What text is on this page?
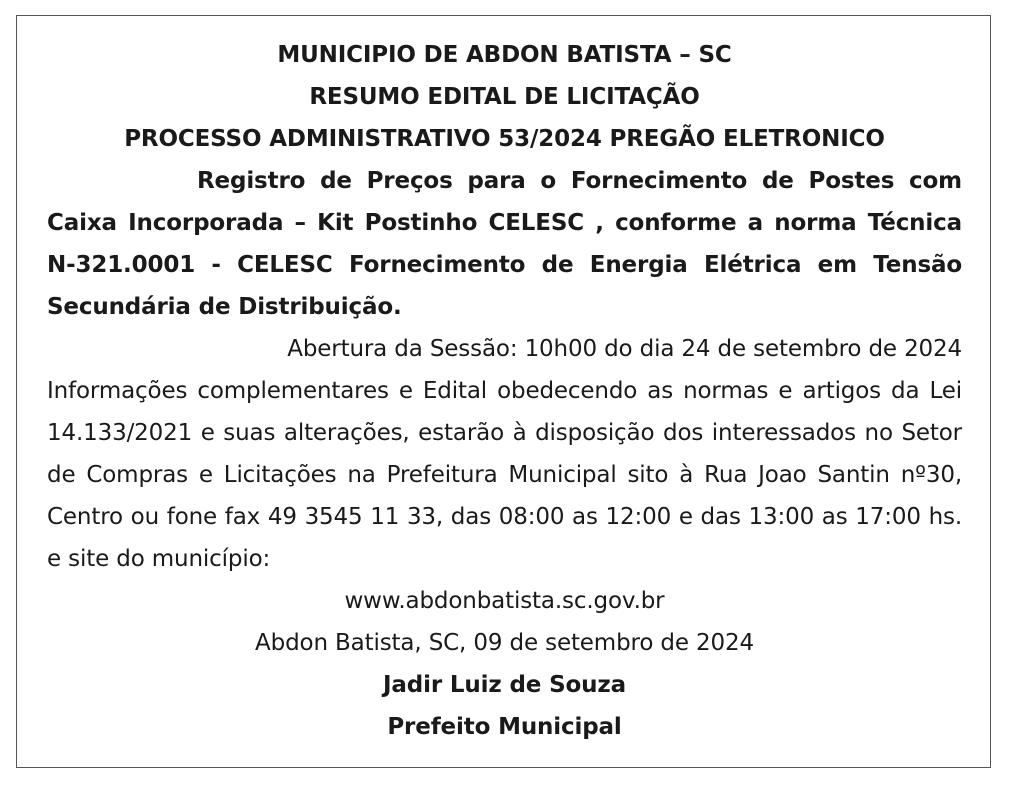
MUNICIPIO DE ABDON BATISTA – SC

RESUMO EDITAL DE LICITAÇÃO

PROCESSO ADMINISTRATIVO 53/2024 PREGÃO ELETRONICO

Registro de Preços para o Fornecimento de Postes com Caixa Incorporada – Kit Postinho CELESC , conforme a norma Técnica N-321.0001 - CELESC Fornecimento de Energia Elétrica em Tensão Secundária de Distribuição.

Abertura da Sessão: 10h00 do dia 24 de setembro de 2024

Informações complementares e Edital obedecendo as normas e artigos da Lei 14.133/2021 e suas alterações, estarão à disposição dos interessados no Setor de Compras e Licitações na Prefeitura Municipal sito à Rua Joao Santin nº30, Centro ou fone fax 49 3545 11 33, das 08:00 as 12:00 e das 13:00 as 17:00 hs. e site do município:

www.abdonbatista.sc.gov.br

Abdon Batista, SC, 09 de setembro de 2024

Jadir Luiz de Souza

Prefeito Municipal
